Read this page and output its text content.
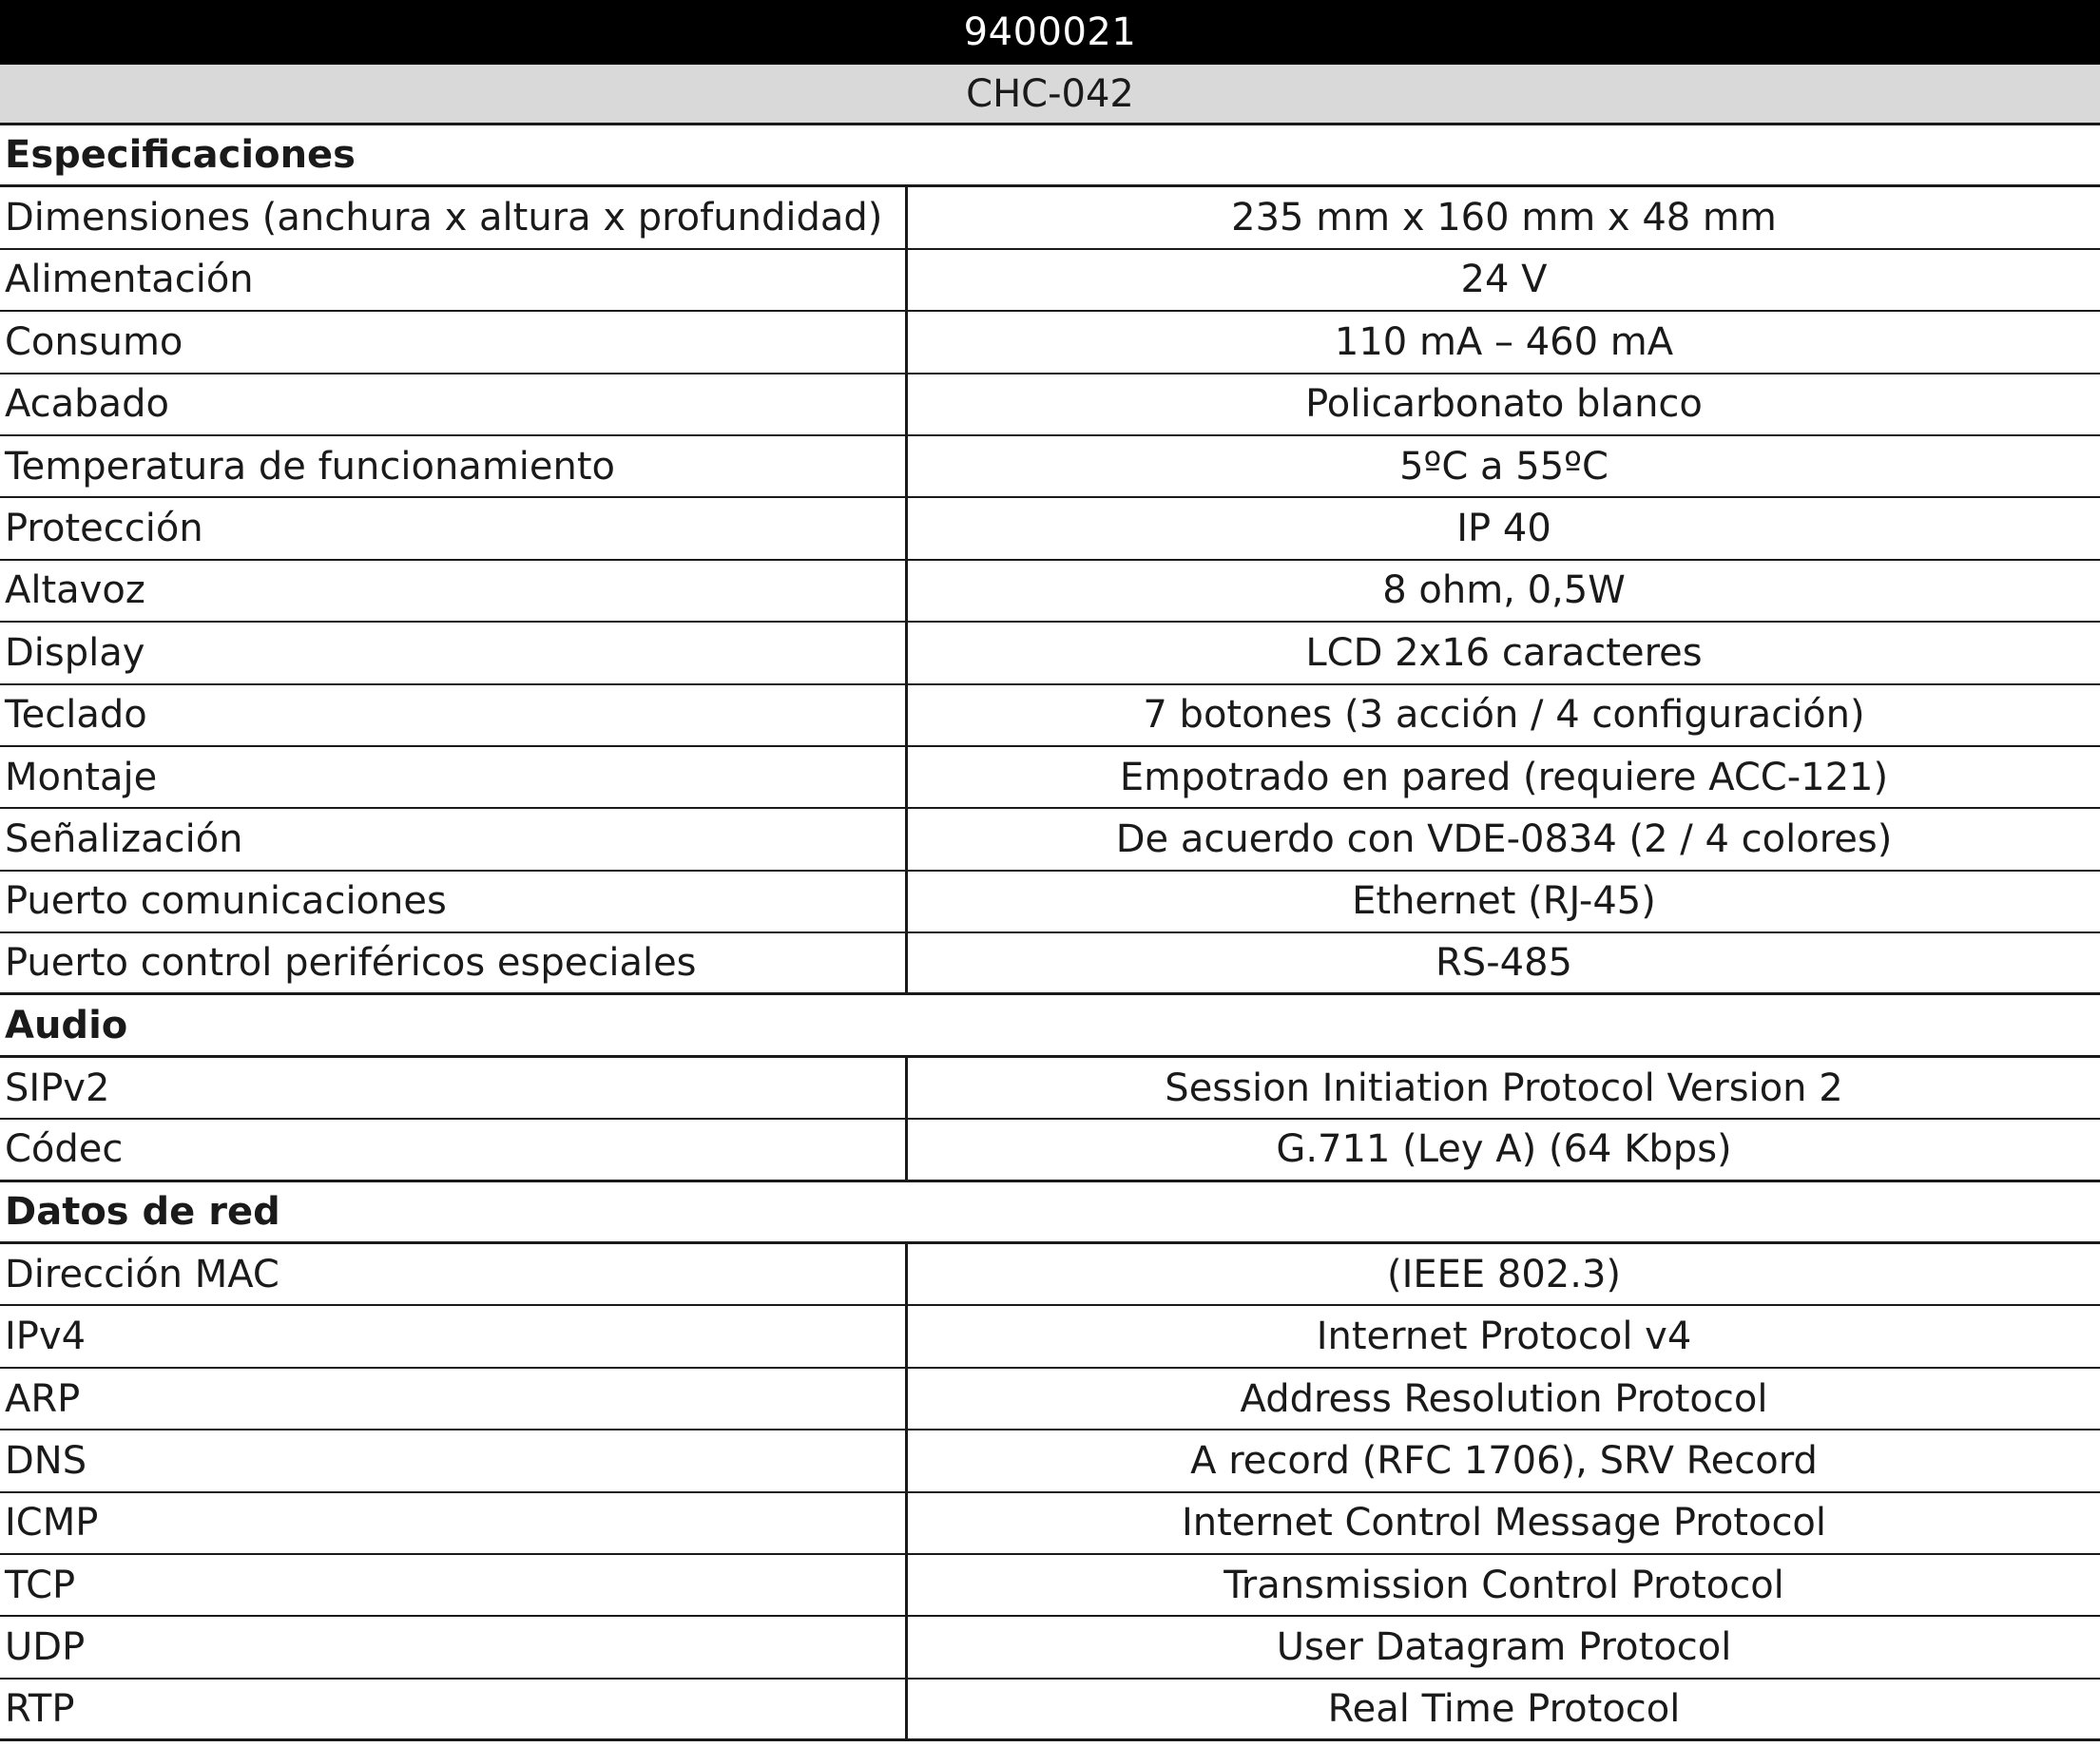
9400021
CHC-042
Especificaciones
Dimensiones (anchura x altura x profundidad)	235 mm x 160 mm x 48 mm
Alimentación	24 V
Consumo	110 mA – 460 mA
Acabado	Policarbonato blanco
Temperatura de funcionamiento	5ºC a 55ºC
Protección	IP 40
Altavoz	8 ohm, 0,5W
Display	LCD 2x16 caracteres
Teclado	7 botones (3 acción / 4 configuración)
Montaje	Empotrado en pared (requiere ACC-121)
Señalización	De acuerdo con VDE-0834 (2 / 4 colores)
Puerto comunicaciones	Ethernet (RJ-45)
Puerto control periféricos especiales	RS-485
Audio
SIPv2	Session Initiation Protocol Version 2
Códec	G.711 (Ley A) (64 Kbps)
Datos de red
Dirección MAC	(IEEE 802.3)
IPv4	Internet Protocol v4
ARP	Address Resolution Protocol
DNS	A record (RFC 1706), SRV Record
ICMP	Internet Control Message Protocol
TCP	Transmission Control Protocol
UDP	User Datagram Protocol
RTP	Real Time Protocol
